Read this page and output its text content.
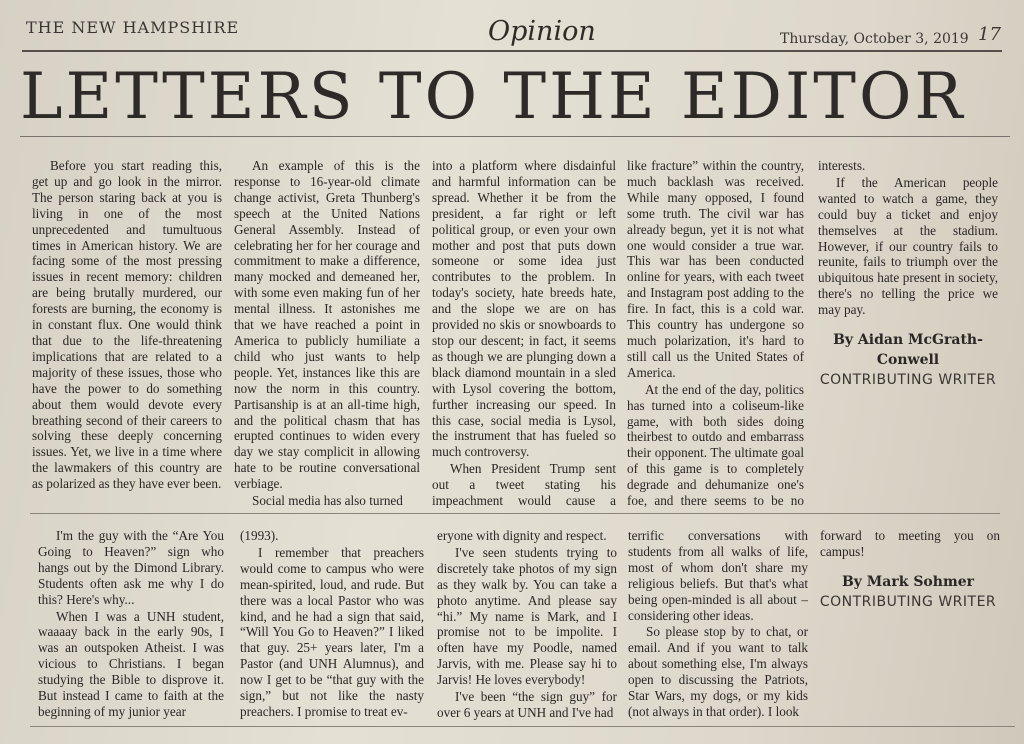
THE NEW HAMPSHIRE	Opinion	Thursday, October 3, 2019 17
LETTERS TO THE EDITOR

Before you start reading this, get up and go look in the mirror. The person staring back at you is living in one of the most unprecedented and tumultuous times in American history. We are facing some of the most pressing issues in recent memory: children are being brutally murdered, our forests are burning, the economy is in constant flux. One would think that due to the life-threatening implications that are related to a majority of these issues, those who have the power to do something about them would devote every breathing second of their careers to solving these deeply concerning issues. Yet, we live in a time where the lawmakers of this country are as polarized as they have ever been.

An example of this is the response to 16-year-old climate change activist, Greta Thunberg's speech at the United Nations General Assembly. Instead of celebrating her for her courage and commitment to make a difference, many mocked and demeaned her, with some even making fun of her mental illness. It astonishes me that we have reached a point in America to publicly humiliate a child who just wants to help people. Yet, instances like this are now the norm in this country. Partisanship is at an all-time high, and the political chasm that has erupted continues to widen every day we stay complicit in allowing hate to be routine conversational verbiage.

Social media has also turned

into a platform where disdainful and harmful information can be spread. Whether it be from the president, a far right or left political group, or even your own mother and post that puts down someone or some idea just contributes to the problem. In today's society, hate breeds hate, and the slope we are on has provided no skis or snowboards to stop our descent; in fact, it seems as though we are plunging down a black diamond mountain in a sled with Lysol covering the bottom, further increasing our speed. In this case, social media is Lysol, the instrument that has fueled so much controversy.

When President Trump sent out a tweet stating his impeachment would cause a

like fracture” within the country, much backlash was received. While many opposed, I found some truth. The civil war has already begun, yet it is not what one would consider a true war. This war has been conducted online for years, with each tweet and Instagram post adding to the fire. In fact, this is a cold war. This country has undergone so much polarization, it's hard to still call us the United States of America.

At the end of the day, politics has turned into a coliseum-like game, with both sides doing theirbest to outdo and embarrass their opponent. The ultimate goal of this game is to completely degrade and dehumanize one's foe, and there seems to be no

interests.

If the American people wanted to watch a game, they could buy a ticket and enjoy themselves at the stadium. However, if our country fails to reunite, fails to triumph over the ubiquitous hate present in society, there's no telling the price we may pay.

By Aidan McGrath-Conwell
CONTRIBUTING WRITER

I'm the guy with the “Are You Going to Heaven?” sign who hangs out by the Dimond Library. Students often ask me why I do this? Here's why...

When I was a UNH student, waaaay back in the early 90s, I was an outspoken Atheist. I was vicious to Christians. I began studying the Bible to disprove it. But instead I came to faith at the beginning of my junior year

(1993).

I remember that preachers would come to campus who were mean-spirited, loud, and rude. But there was a local Pastor who was kind, and he had a sign that said, “Will You Go to Heaven?” I liked that guy. 25+ years later, I'm a Pastor (and UNH Alumnus), and now I get to be “that guy with the sign,” but not like the nasty preachers. I promise to treat ev-

eryone with dignity and respect.

I've seen students trying to discretely take photos of my sign as they walk by. You can take a photo anytime. And please say “hi.” My name is Mark, and I promise not to be impolite. I often have my Poodle, named Jarvis, with me. Please say hi to Jarvis! He loves everybody!

I've been “the sign guy” for over 6 years at UNH and I've had

terrific conversations with students from all walks of life, most of whom don't share my religious beliefs. But that's what being open-minded is all about – considering other ideas.

So please stop by to chat, or email. And if you want to talk about something else, I'm always open to discussing the Patriots, Star Wars, my dogs, or my kids (not always in that order). I look

forward to meeting you on campus!

By Mark Sohmer
CONTRIBUTING WRITER
